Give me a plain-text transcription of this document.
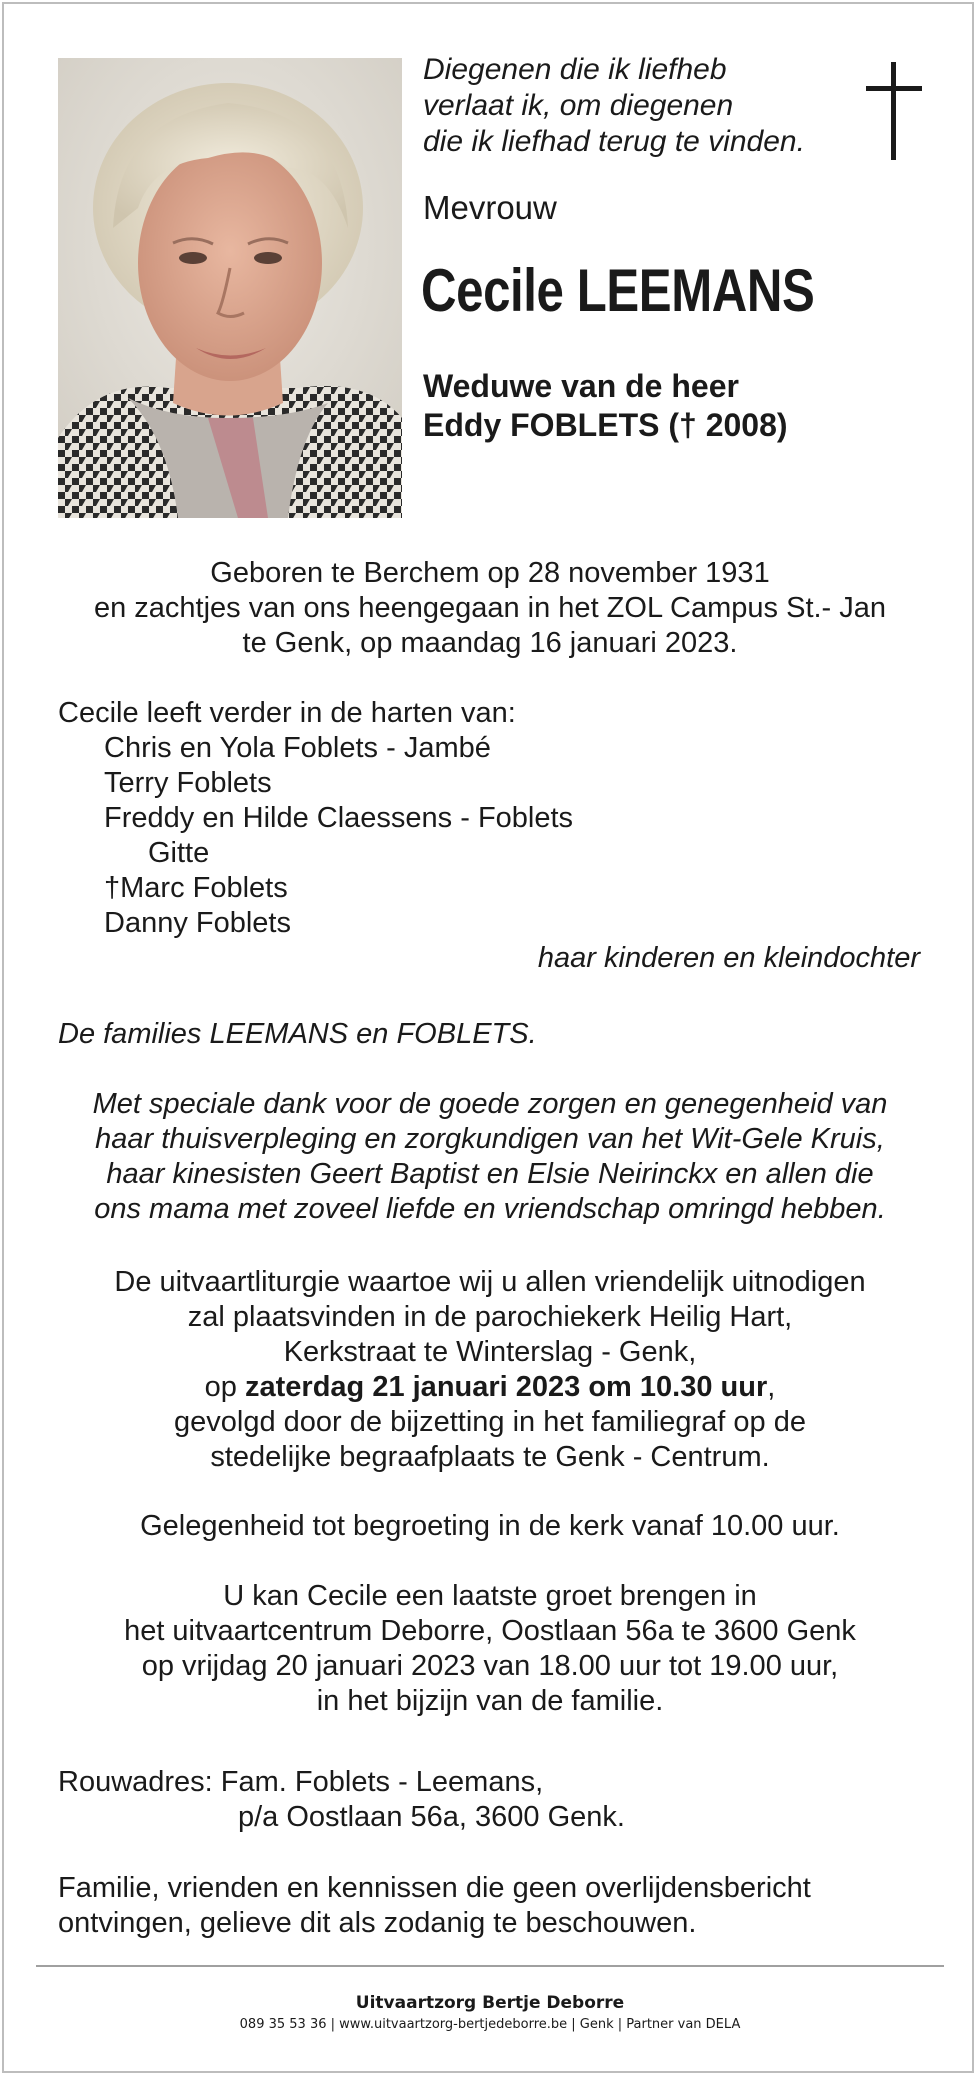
Diegenen die ik liefheb
verlaat ik, om diegenen
die ik liefhad terug te vinden.
Mevrouw
Cecile LEEMANS
Weduwe van de heer
Eddy FOBLETS († 2008)
Geboren te Berchem op 28 november 1931
en zachtjes van ons heengegaan in het ZOL Campus St.- Jan
te Genk, op maandag 16 januari 2023.
Cecile leeft verder in de harten van:
Chris en Yola Foblets - Jambé
Terry Foblets
Freddy en Hilde Claessens - Foblets
Gitte
†Marc Foblets
Danny Foblets
haar kinderen en kleindochter
De families LEEMANS en FOBLETS.
Met speciale dank voor de goede zorgen en genegenheid van
haar thuisverpleging en zorgkundigen van het Wit-Gele Kruis,
haar kinesisten Geert Baptist en Elsie Neirinckx en allen die
ons mama met zoveel liefde en vriendschap omringd hebben.
De uitvaartliturgie waartoe wij u allen vriendelijk uitnodigen
zal plaatsvinden in de parochiekerk Heilig Hart,
Kerkstraat te Winterslag - Genk,
op zaterdag 21 januari 2023 om 10.30 uur,
gevolgd door de bijzetting in het familiegraf op de
stedelijke begraafplaats te Genk - Centrum.
Gelegenheid tot begroeting in de kerk vanaf 10.00 uur.
U kan Cecile een laatste groet brengen in
het uitvaartcentrum Deborre, Oostlaan 56a te 3600 Genk
op vrijdag 20 januari 2023 van 18.00 uur tot 19.00 uur,
in het bijzijn van de familie.
Rouwadres: Fam. Foblets - Leemans,
p/a Oostlaan 56a, 3600 Genk.
Familie, vrienden en kennissen die geen overlijdensbericht
ontvingen, gelieve dit als zodanig te beschouwen.
Uitvaartzorg Bertje Deborre
089 35 53 36 | www.uitvaartzorg-bertjedeborre.be | Genk | Partner van DELA
